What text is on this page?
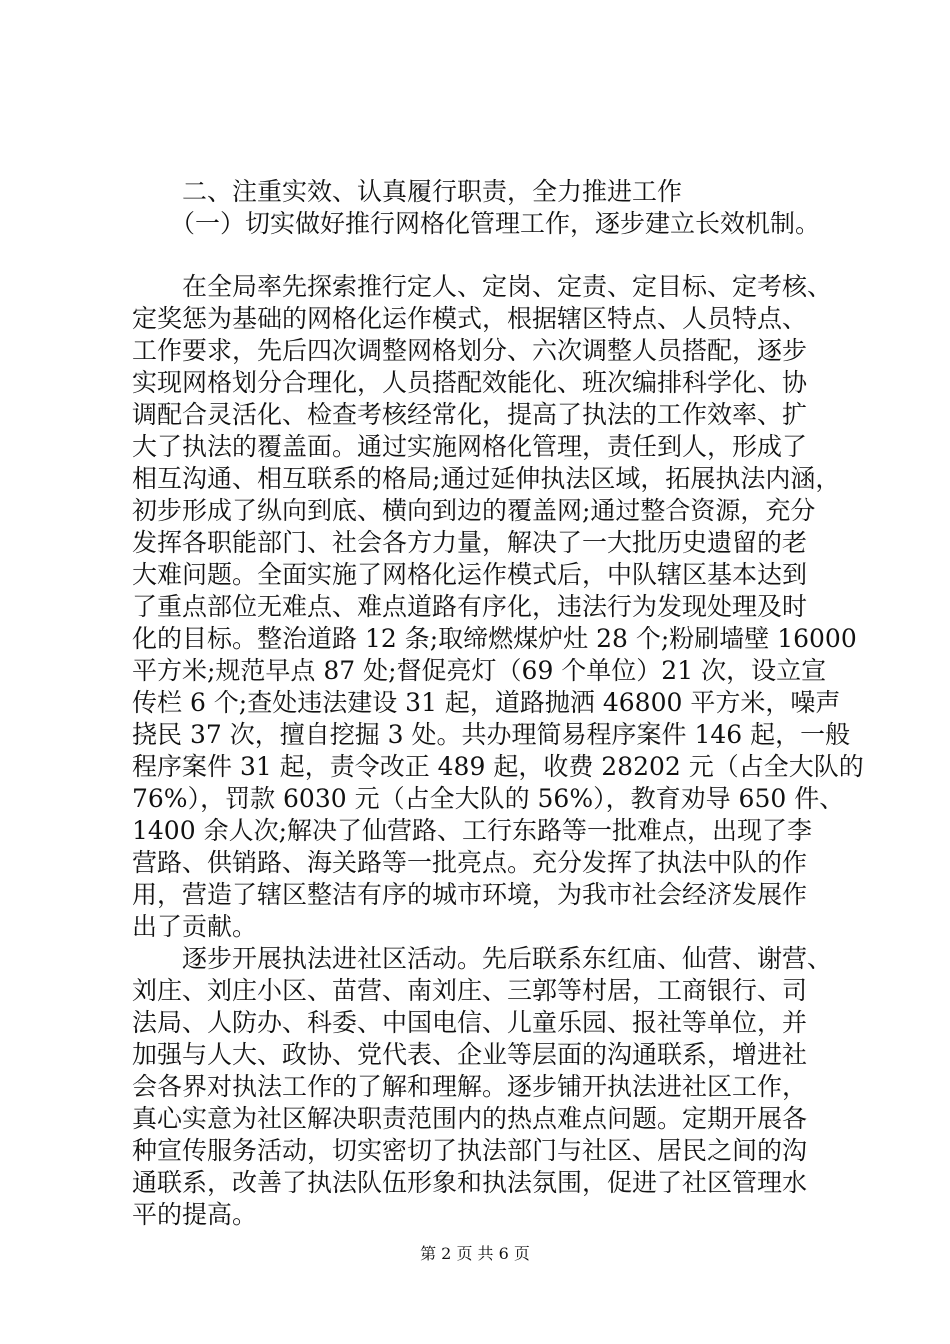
二、注重实效、认真履行职责，全力推进工作
（一）切实做好推行网格化管理工作，逐步建立长效机制。
在全局率先探索推行定人、定岗、定责、定目标、定考核、
定奖惩为基础的网格化运作模式，根据辖区特点、人员特点、
工作要求，先后四次调整网格划分、六次调整人员搭配，逐步
实现网格划分合理化，人员搭配效能化、班次编排科学化、协
调配合灵活化、检查考核经常化，提高了执法的工作效率、扩
大了执法的覆盖面。通过实施网格化管理，责任到人，形成了
相互沟通、相互联系的格局;通过延伸执法区域，拓展执法内涵，
初步形成了纵向到底、横向到边的覆盖网;通过整合资源，充分
发挥各职能部门、社会各方力量，解决了一大批历史遗留的老
大难问题。全面实施了网格化运作模式后，中队辖区基本达到
了重点部位无难点、难点道路有序化，违法行为发现处理及时
化的目标。整治道路 12 条;取缔燃煤炉灶 28 个;粉刷墙壁 16000
平方米;规范早点 87 处;督促亮灯（69 个单位）21 次，设立宣
传栏 6 个;查处违法建设 31 起，道路抛洒 46800 平方米，噪声
挠民 37 次，擅自挖掘 3 处。共办理简易程序案件 146 起，一般
程序案件 31 起，责令改正 489 起，收费 28202 元（占全大队的
76%），罚款 6030 元（占全大队的 56%），教育劝导 650 件、
1400 余人次;解决了仙营路、工行东路等一批难点，出现了李
营路、供销路、海关路等一批亮点。充分发挥了执法中队的作
用，营造了辖区整洁有序的城市环境，为我市社会经济发展作
出了贡献。
逐步开展执法进社区活动。先后联系东红庙、仙营、谢营、
刘庄、刘庄小区、苗营、南刘庄、三郭等村居，工商银行、司
法局、人防办、科委、中国电信、儿童乐园、报社等单位，并
加强与人大、政协、党代表、企业等层面的沟通联系，增进社
会各界对执法工作的了解和理解。逐步铺开执法进社区工作，
真心实意为社区解决职责范围内的热点难点问题。定期开展各
种宣传服务活动，切实密切了执法部门与社区、居民之间的沟
通联系，改善了执法队伍形象和执法氛围，促进了社区管理水
平的提高。
第 2 页 共 6 页
